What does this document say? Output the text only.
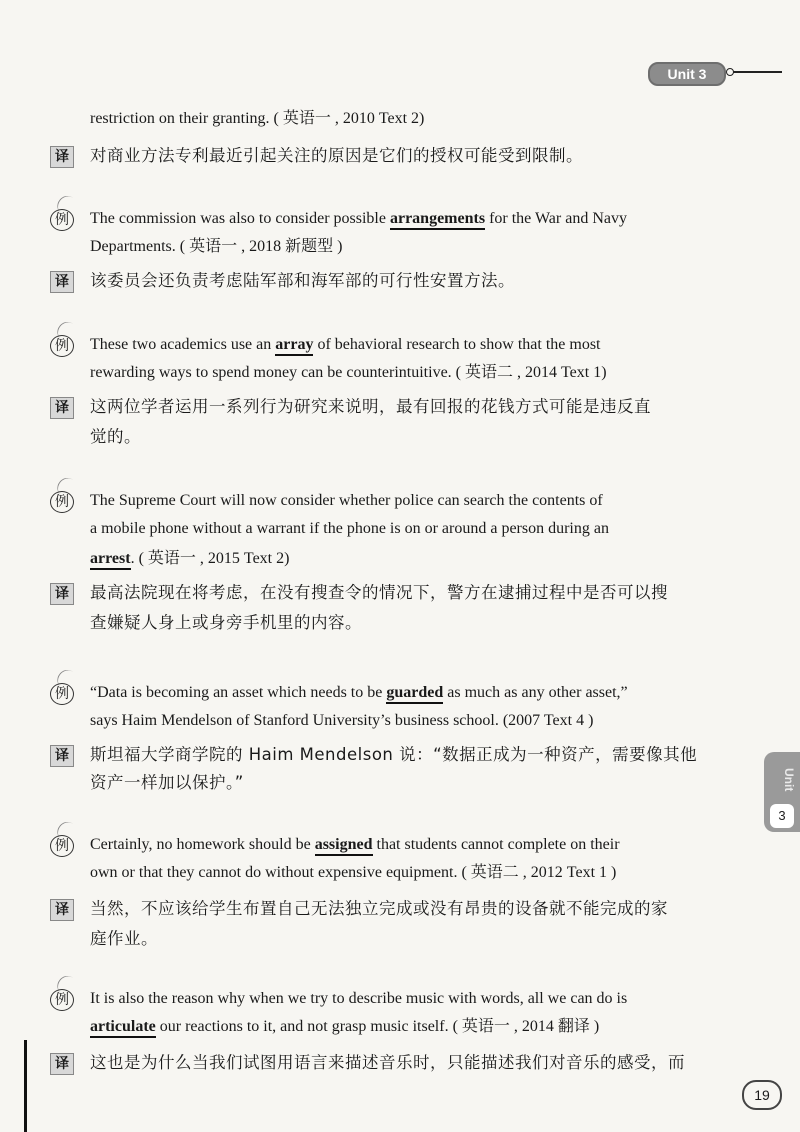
Unit 3
Unit
3
19
restriction on their granting. ( 英语一 , 2010 Text 2)
译	对商业方法专利最近引起关注的原因是它们的授权可能受到限制。
例	The commission was also to consider possible arrangements for the War and Navy
Departments. ( 英语一 , 2018 新题型 )
译	该委员会还负责考虑陆军部和海军部的可行性安置方法。
例	These two academics use an array of behavioral research to show that the most
rewarding ways to spend money can be counterintuitive. ( 英语二 , 2014 Text 1)
译	这两位学者运用一系列行为研究来说明，最有回报的花钱方式可能是违反直
觉的。
例	The Supreme Court will now consider whether police can search the contents of
a mobile phone without a warrant if the phone is on or around a person during an
arrest. ( 英语一 , 2015 Text 2)
译	最高法院现在将考虑，在没有搜查令的情况下，警方在逮捕过程中是否可以搜
查嫌疑人身上或身旁手机里的内容。
例	“Data is becoming an asset which needs to be guarded as much as any other asset,”
says Haim Mendelson of Stanford University’s business school. (2007 Text 4 )
译	斯坦福大学商学院的 Haim Mendelson 说：“数据正成为一种资产，需要像其他
资产一样加以保护。”
例	Certainly, no homework should be assigned that students cannot complete on their
own or that they cannot do without expensive equipment. ( 英语二 , 2012 Text 1 )
译	当然，不应该给学生布置自己无法独立完成或没有昂贵的设备就不能完成的家
庭作业。
例	It is also the reason why when we try to describe music with words, all we can do is
articulate our reactions to it, and not grasp music itself. ( 英语一 , 2014 翻译 )
译	这也是为什么当我们试图用语言来描述音乐时，只能描述我们对音乐的感受，而
